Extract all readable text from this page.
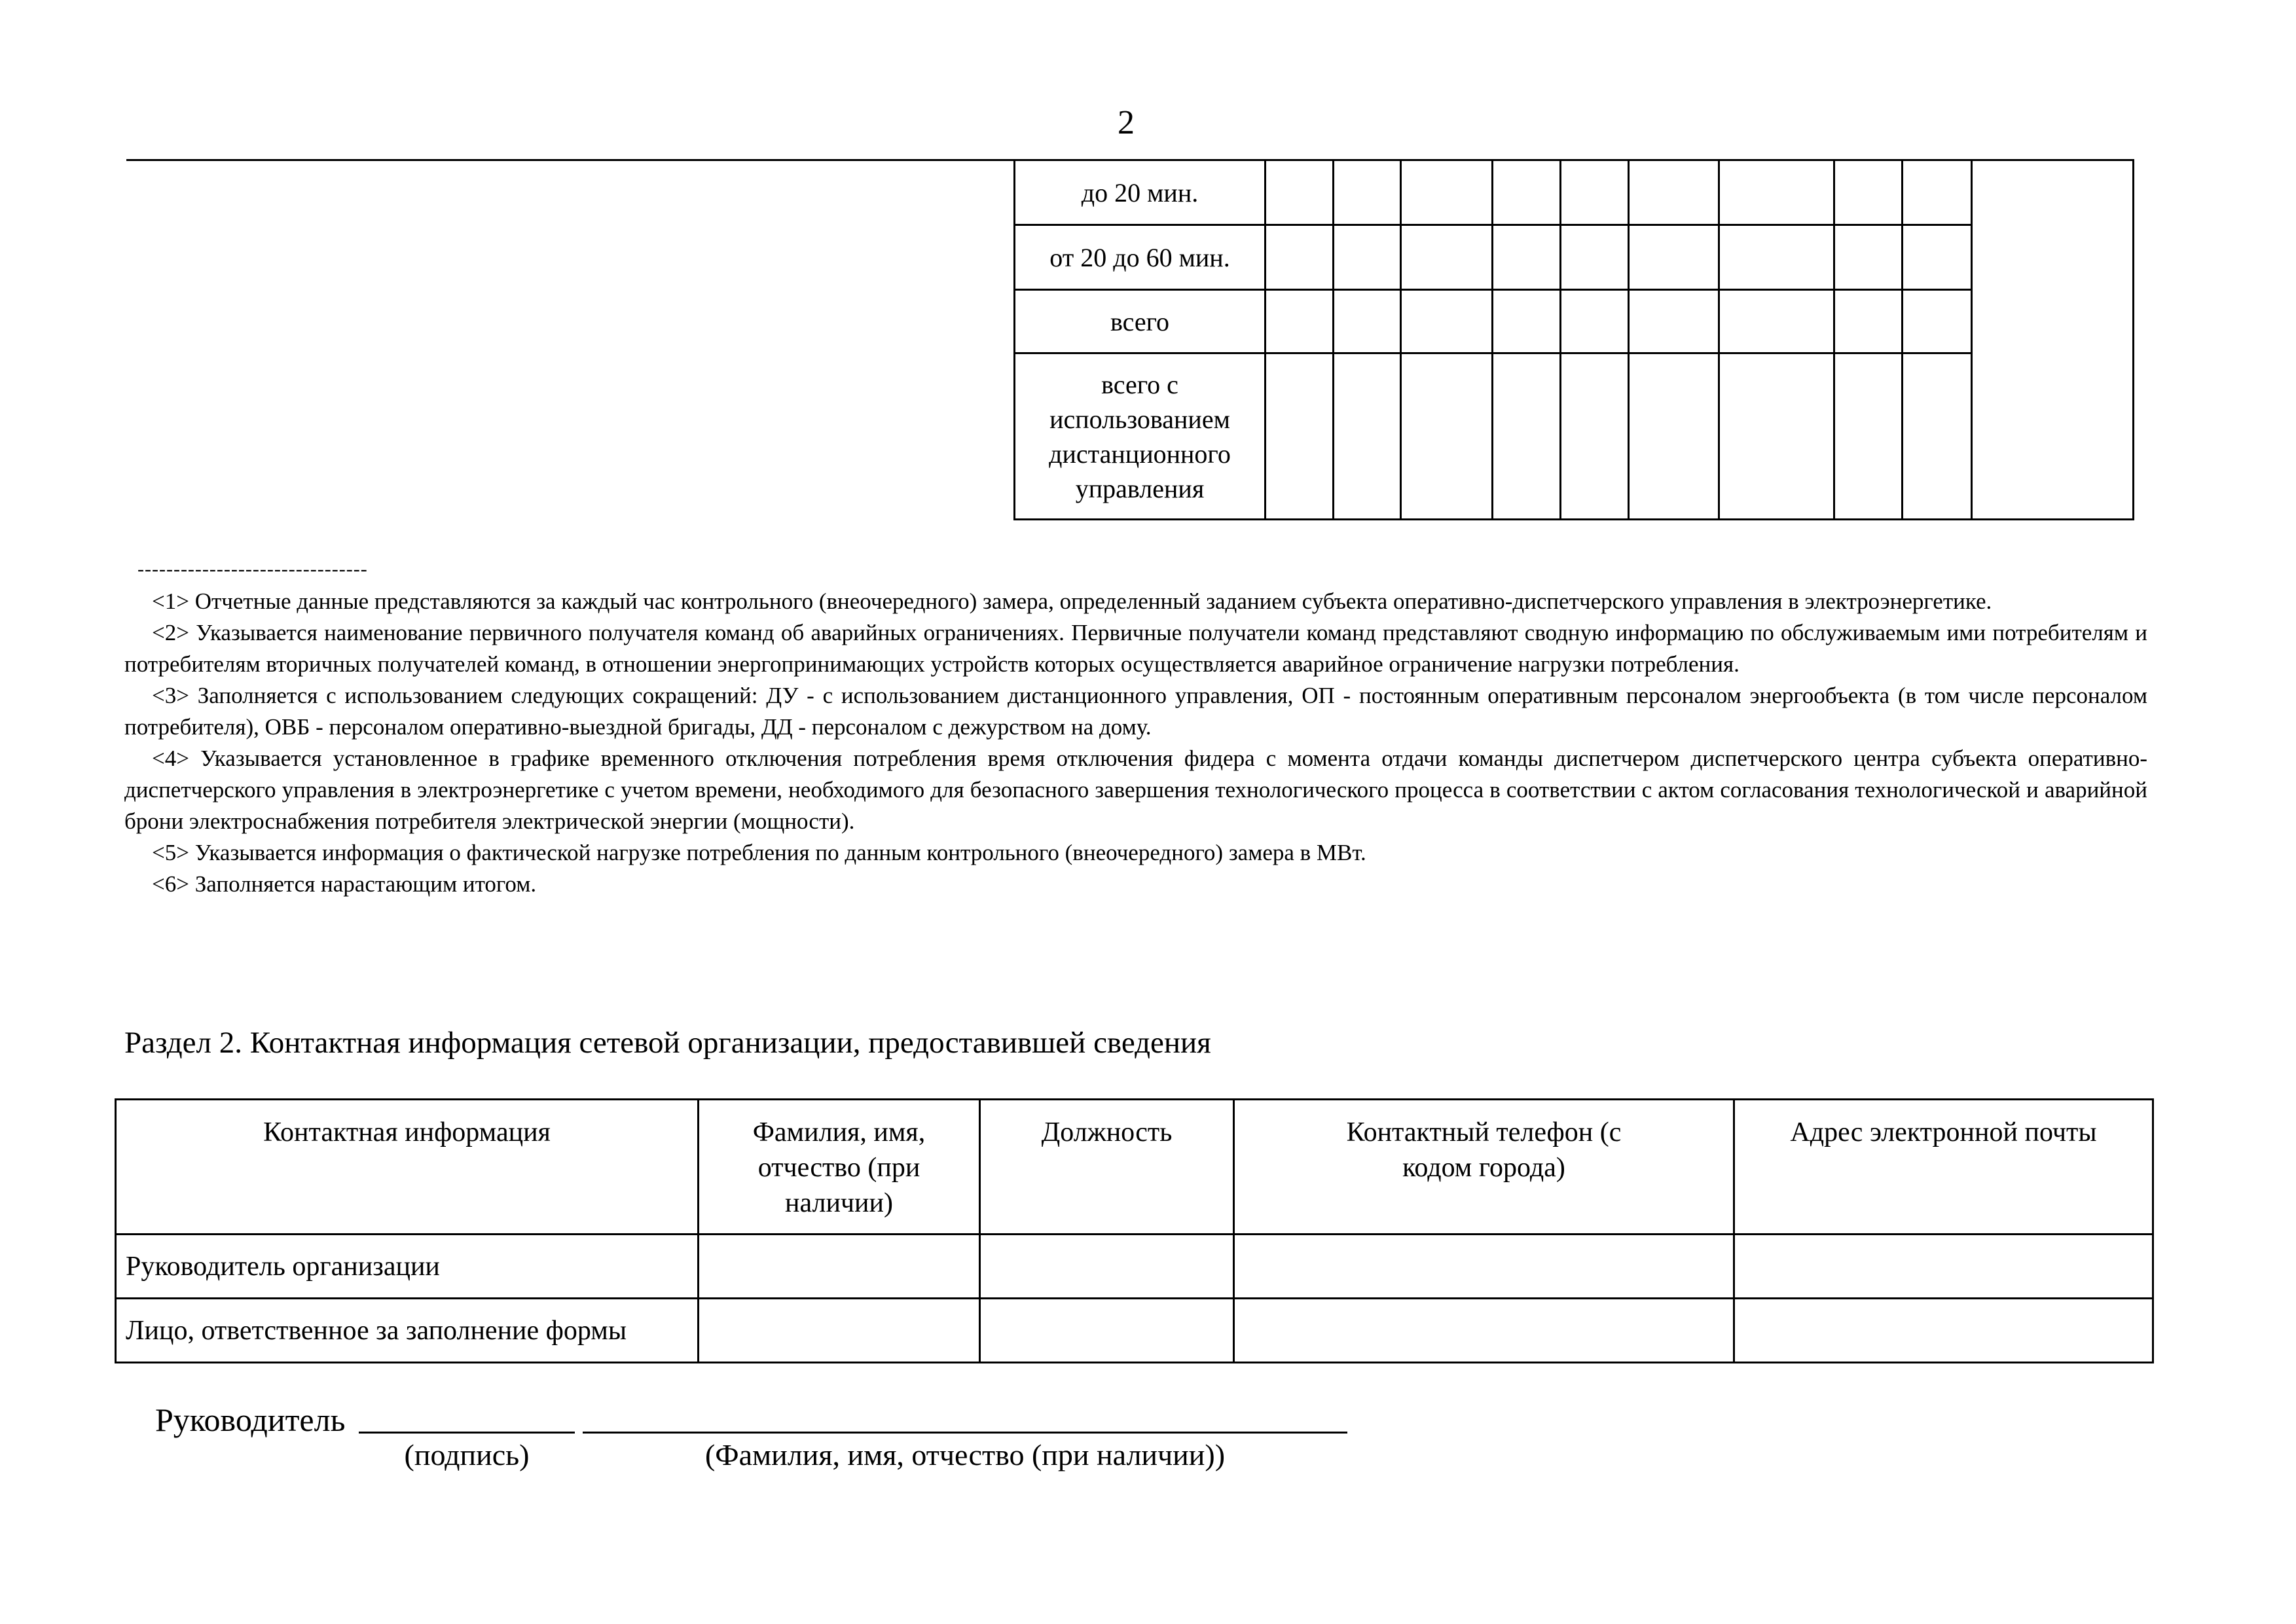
2
до 20 мин.										
от 20 до 60 мин.										
всего										
всего с использованием дистанционного управления										
--------------------------------

<1> Отчетные данные представляются за каждый час контрольного (внеочередного) замера, определенный заданием субъекта оперативно-диспетчерского управления в электроэнергетике.

<2> Указывается наименование первичного получателя команд об аварийных ограничениях. Первичные получатели команд представляют сводную информацию по обслуживаемым ими потребителям и потребителям вторичных получателей команд, в отношении энергопринимающих устройств которых осуществляется аварийное ограничение нагрузки потребления.

<3> Заполняется с использованием следующих сокращений: ДУ - с использованием дистанционного управления, ОП - постоянным оперативным персоналом энергообъекта (в том числе персоналом потребителя), ОВБ - персоналом оперативно-выездной бригады, ДД - персоналом с дежурством на дому.

<4> Указывается установленное в графике временного отключения потребления время отключения фидера с момента отдачи команды диспетчером диспетчерского центра субъекта оперативно-диспетчерского управления в электроэнергетике с учетом времени, необходимого для безопасного завершения технологического процесса в соответствии с актом согласования технологической и аварийной брони электроснабжения потребителя электрической энергии (мощности).

<5> Указывается информация о фактической нагрузке потребления по данным контрольного (внеочередного) замера в МВт.

<6> Заполняется нарастающим итогом.

Раздел 2. Контактная информация сетевой организации, предоставившей сведения
Контактная информация	Фамилия, имя, отчество (при наличии)	Должность	Контактный телефон (с кодом города)	Адрес электронной почты
Руководитель организации				
Лицо, ответственное за заполнение формы				
Руководитель
(подпись)	(Фамилия, имя, отчество (при наличии))
